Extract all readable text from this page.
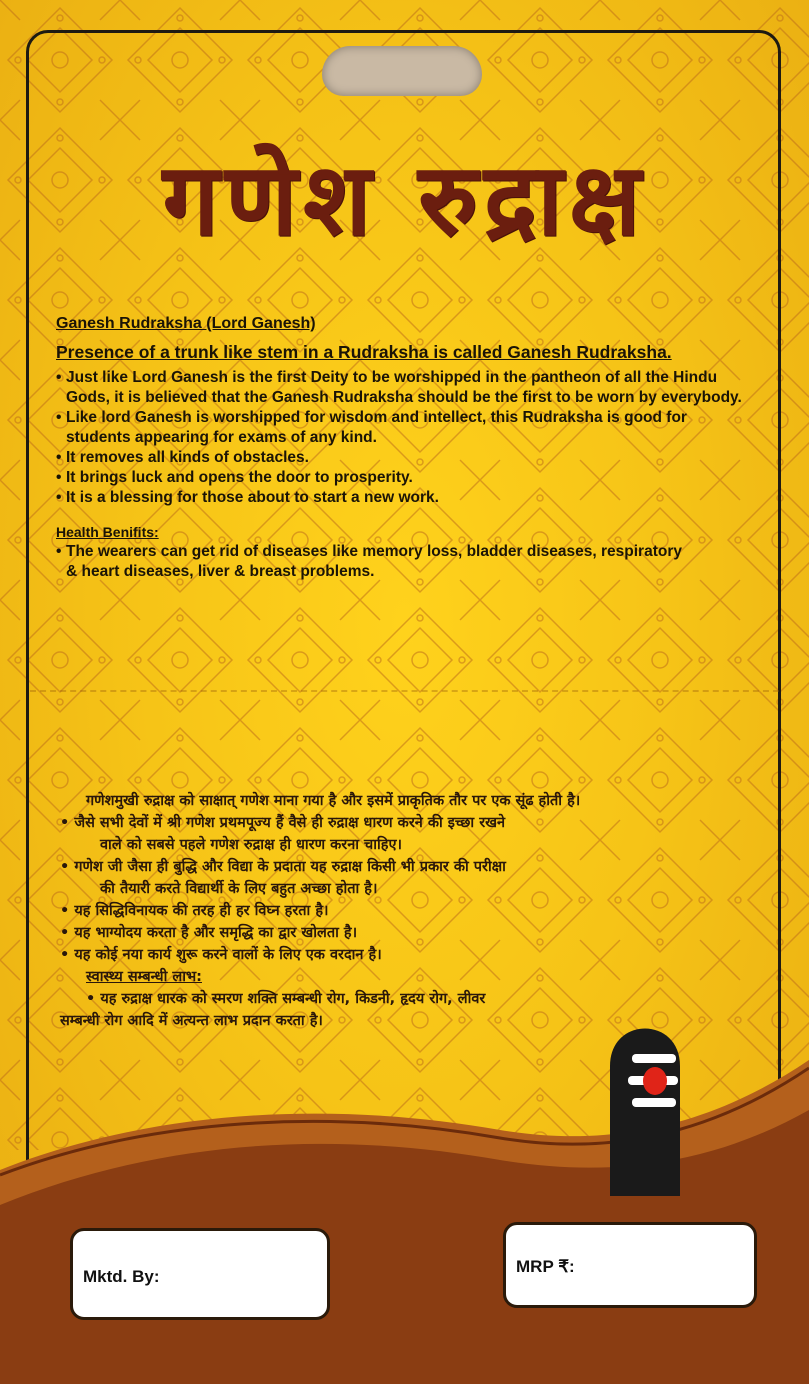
गणेश रुद्राक्ष
Ganesh Rudraksha (Lord Ganesh)
Presence of a trunk like stem in a Rudraksha is called Ganesh Rudraksha.
• Just like Lord Ganesh is the first Deity to be worshipped in the pantheon of all the Hindu
Gods, it is believed that the Ganesh Rudraksha should be the first to be worn by everybody.
• Like lord Ganesh is worshipped for wisdom and intellect, this Rudraksha is good for
students appearing for exams of any kind.
• It removes all kinds of obstacles.
• It brings luck and opens the door to prosperity.
• It is a blessing for those about to start a new work.
Health Benifits:
• The wearers can get rid of diseases like memory loss, bladder diseases, respiratory
& heart diseases, liver & breast problems.
गणेशमुखी रुद्राक्ष को साक्षात् गणेश माना गया है और इसमें प्राकृतिक तौर पर एक सूंढ होती है।
• जैसे सभी देवों में श्री गणेश प्रथमपूज्य हैं वैसे ही रुद्राक्ष धारण करने की इच्छा रखने
वाले को सबसे पहले गणेश रुद्राक्ष ही धारण करना चाहिए।
• गणेश जी जैसा ही बुद्धि और विद्या के प्रदाता यह रुद्राक्ष किसी भी प्रकार की परीक्षा
की तैयारी करते विद्यार्थी के लिए बहुत अच्छा होता है।
• यह सिद्धिविनायक की तरह ही हर विघ्न हरता है।
• यह भाग्योदय करता है और समृद्धि का द्वार खोलता है।
• यह कोई नया कार्य शुरू करने वालों के लिए एक वरदान है।
स्वास्थ्य सम्बन्धी लाभ:
• यह रुद्राक्ष धारक को स्मरण शक्ति सम्बन्धी रोग, किडनी, हृदय रोग, लीवर
सम्बन्धी रोग आदि में अत्यन्त लाभ प्रदान करता है।
Mktd. By:
MRP ₹:
